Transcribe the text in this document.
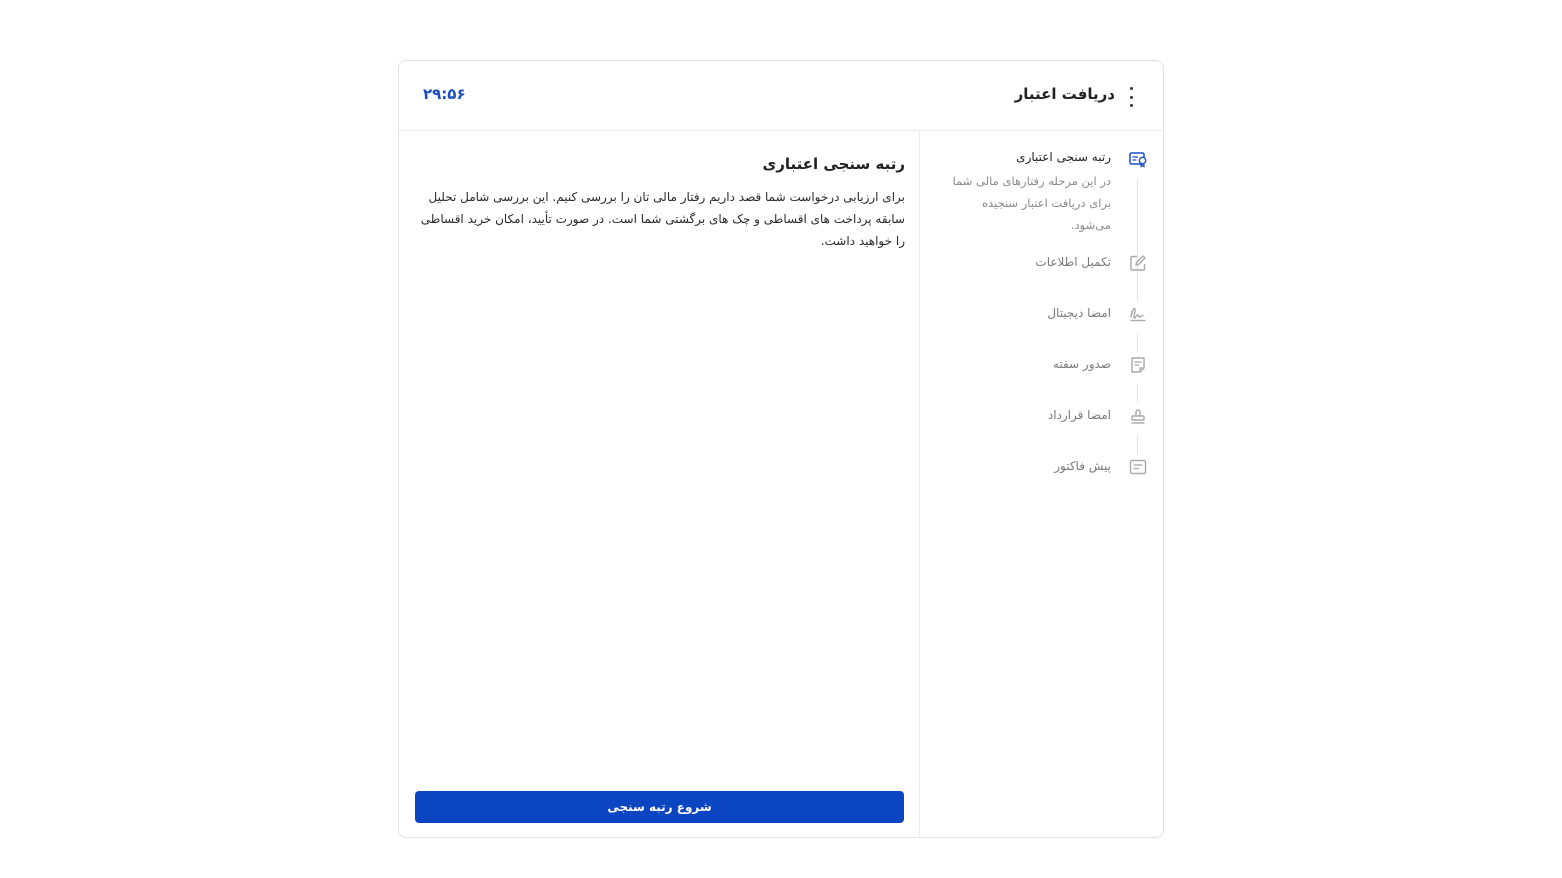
دریافت اعتبار
۲۹:۵۶
رتبه سنجی اعتباری
در این مرحله رفتارهای مالی شما برای دریافت اعتبار سنجیده می‌شود.
تکمیل اطلاعات
امضا دیجیتال
صدور سفته
امضا قرارداد
پیش فاکتور
رتبه سنجی اعتباری
برای ارزیابی درخواست شما قصد داریم رفتار مالی تان را بررسی کنیم. این بررسی شامل تحلیل سابقه پرداخت های اقساطی و چک های برگشتی شما است. در صورت تأیید، امکان خرید اقساطی را خواهید داشت.
شروع رتبه سنجی
